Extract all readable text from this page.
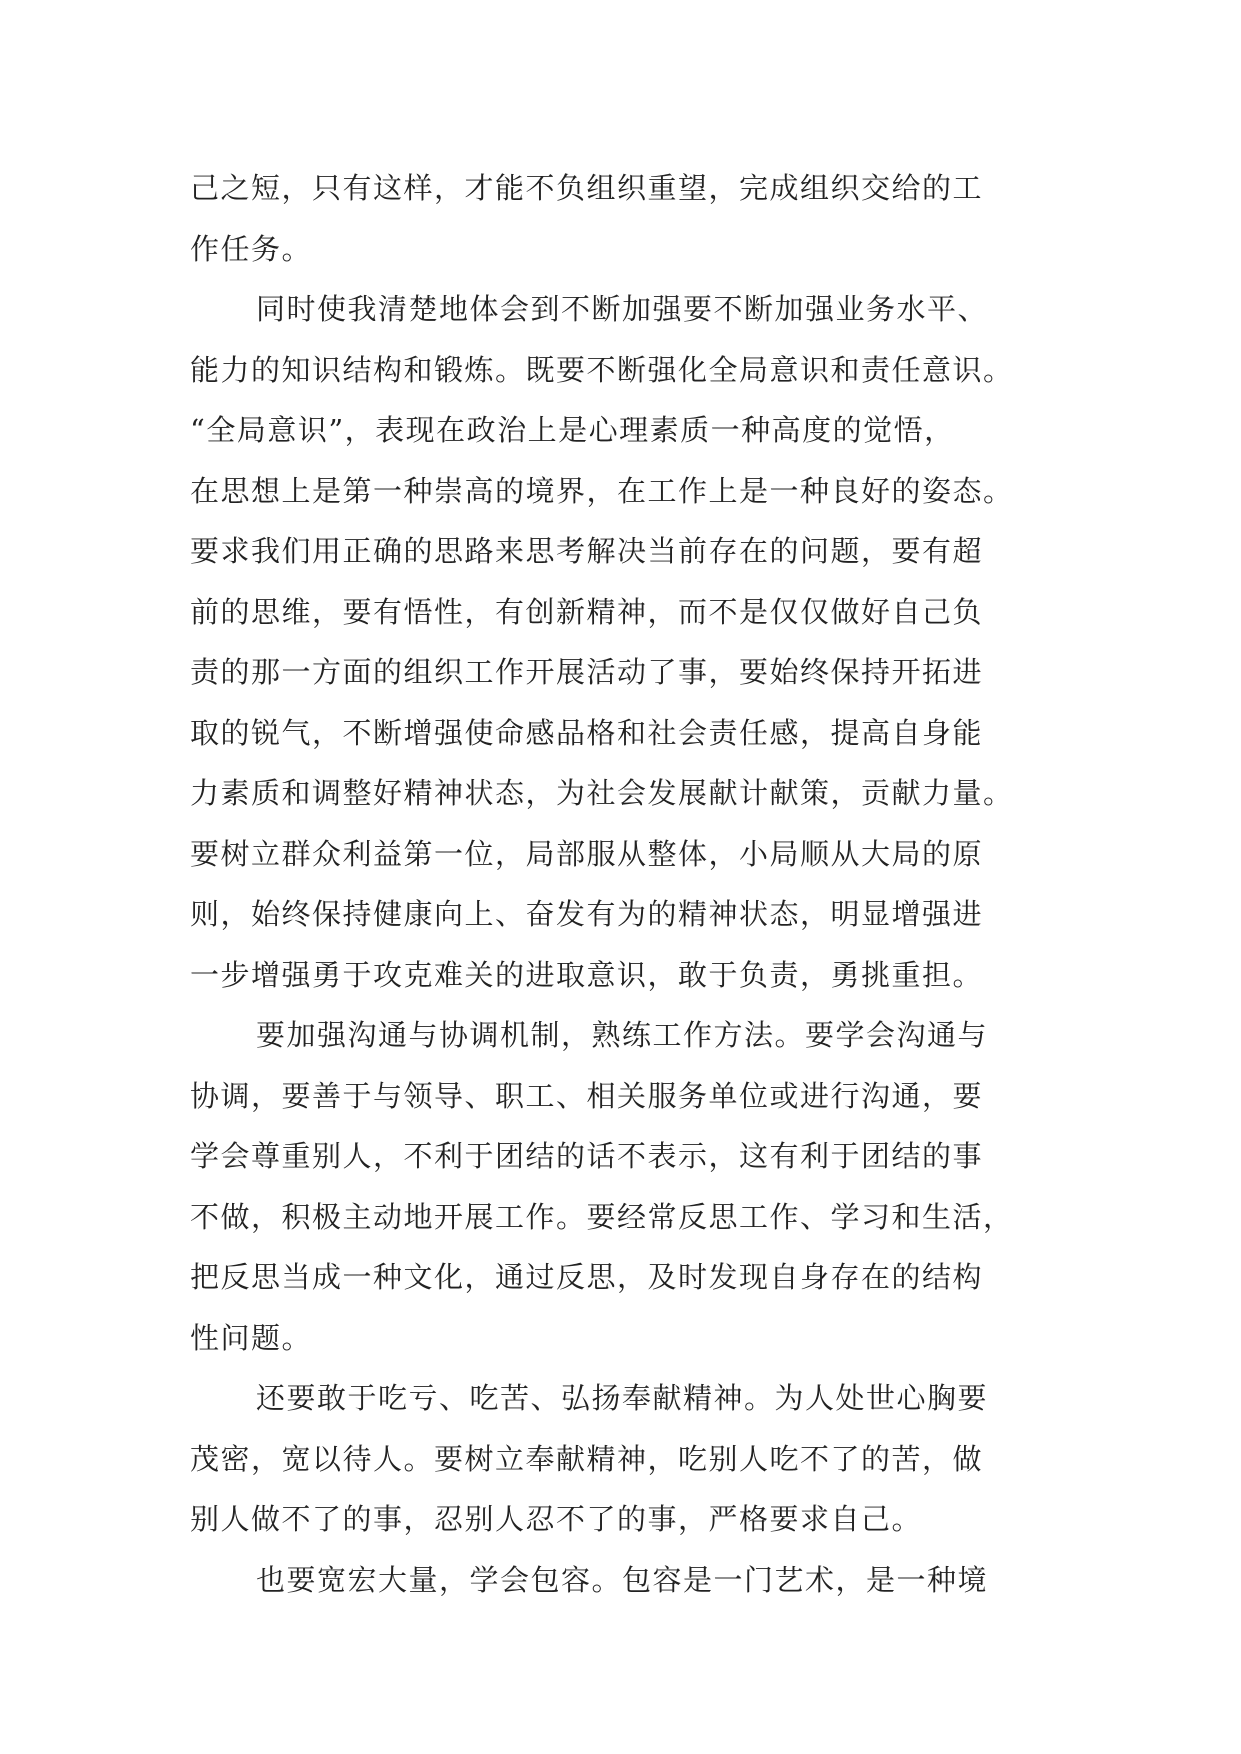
己之短，只有这样，才能不负组织重望，完成组织交给的工
作任务。
同时使我清楚地体会到不断加强要不断加强业务水平、
能力的知识结构和锻炼。既要不断强化全局意识和责任意识。
“全局意识”，表现在政治上是心理素质一种高度的觉悟，
在思想上是第一种崇高的境界，在工作上是一种良好的姿态。
要求我们用正确的思路来思考解决当前存在的问题，要有超
前的思维，要有悟性，有创新精神，而不是仅仅做好自己负
责的那一方面的组织工作开展活动了事，要始终保持开拓进
取的锐气，不断增强使命感品格和社会责任感，提高自身能
力素质和调整好精神状态，为社会发展献计献策，贡献力量。
要树立群众利益第一位，局部服从整体，小局顺从大局的原
则，始终保持健康向上、奋发有为的精神状态，明显增强进
一步增强勇于攻克难关的进取意识，敢于负责，勇挑重担。
要加强沟通与协调机制，熟练工作方法。要学会沟通与
协调，要善于与领导、职工、相关服务单位或进行沟通，要
学会尊重别人，不利于团结的话不表示，这有利于团结的事
不做，积极主动地开展工作。要经常反思工作、学习和生活，
把反思当成一种文化，通过反思，及时发现自身存在的结构
性问题。
还要敢于吃亏、吃苦、弘扬奉献精神。为人处世心胸要
茂密，宽以待人。要树立奉献精神，吃别人吃不了的苦，做
别人做不了的事，忍别人忍不了的事，严格要求自己。
也要宽宏大量，学会包容。包容是一门艺术，是一种境
